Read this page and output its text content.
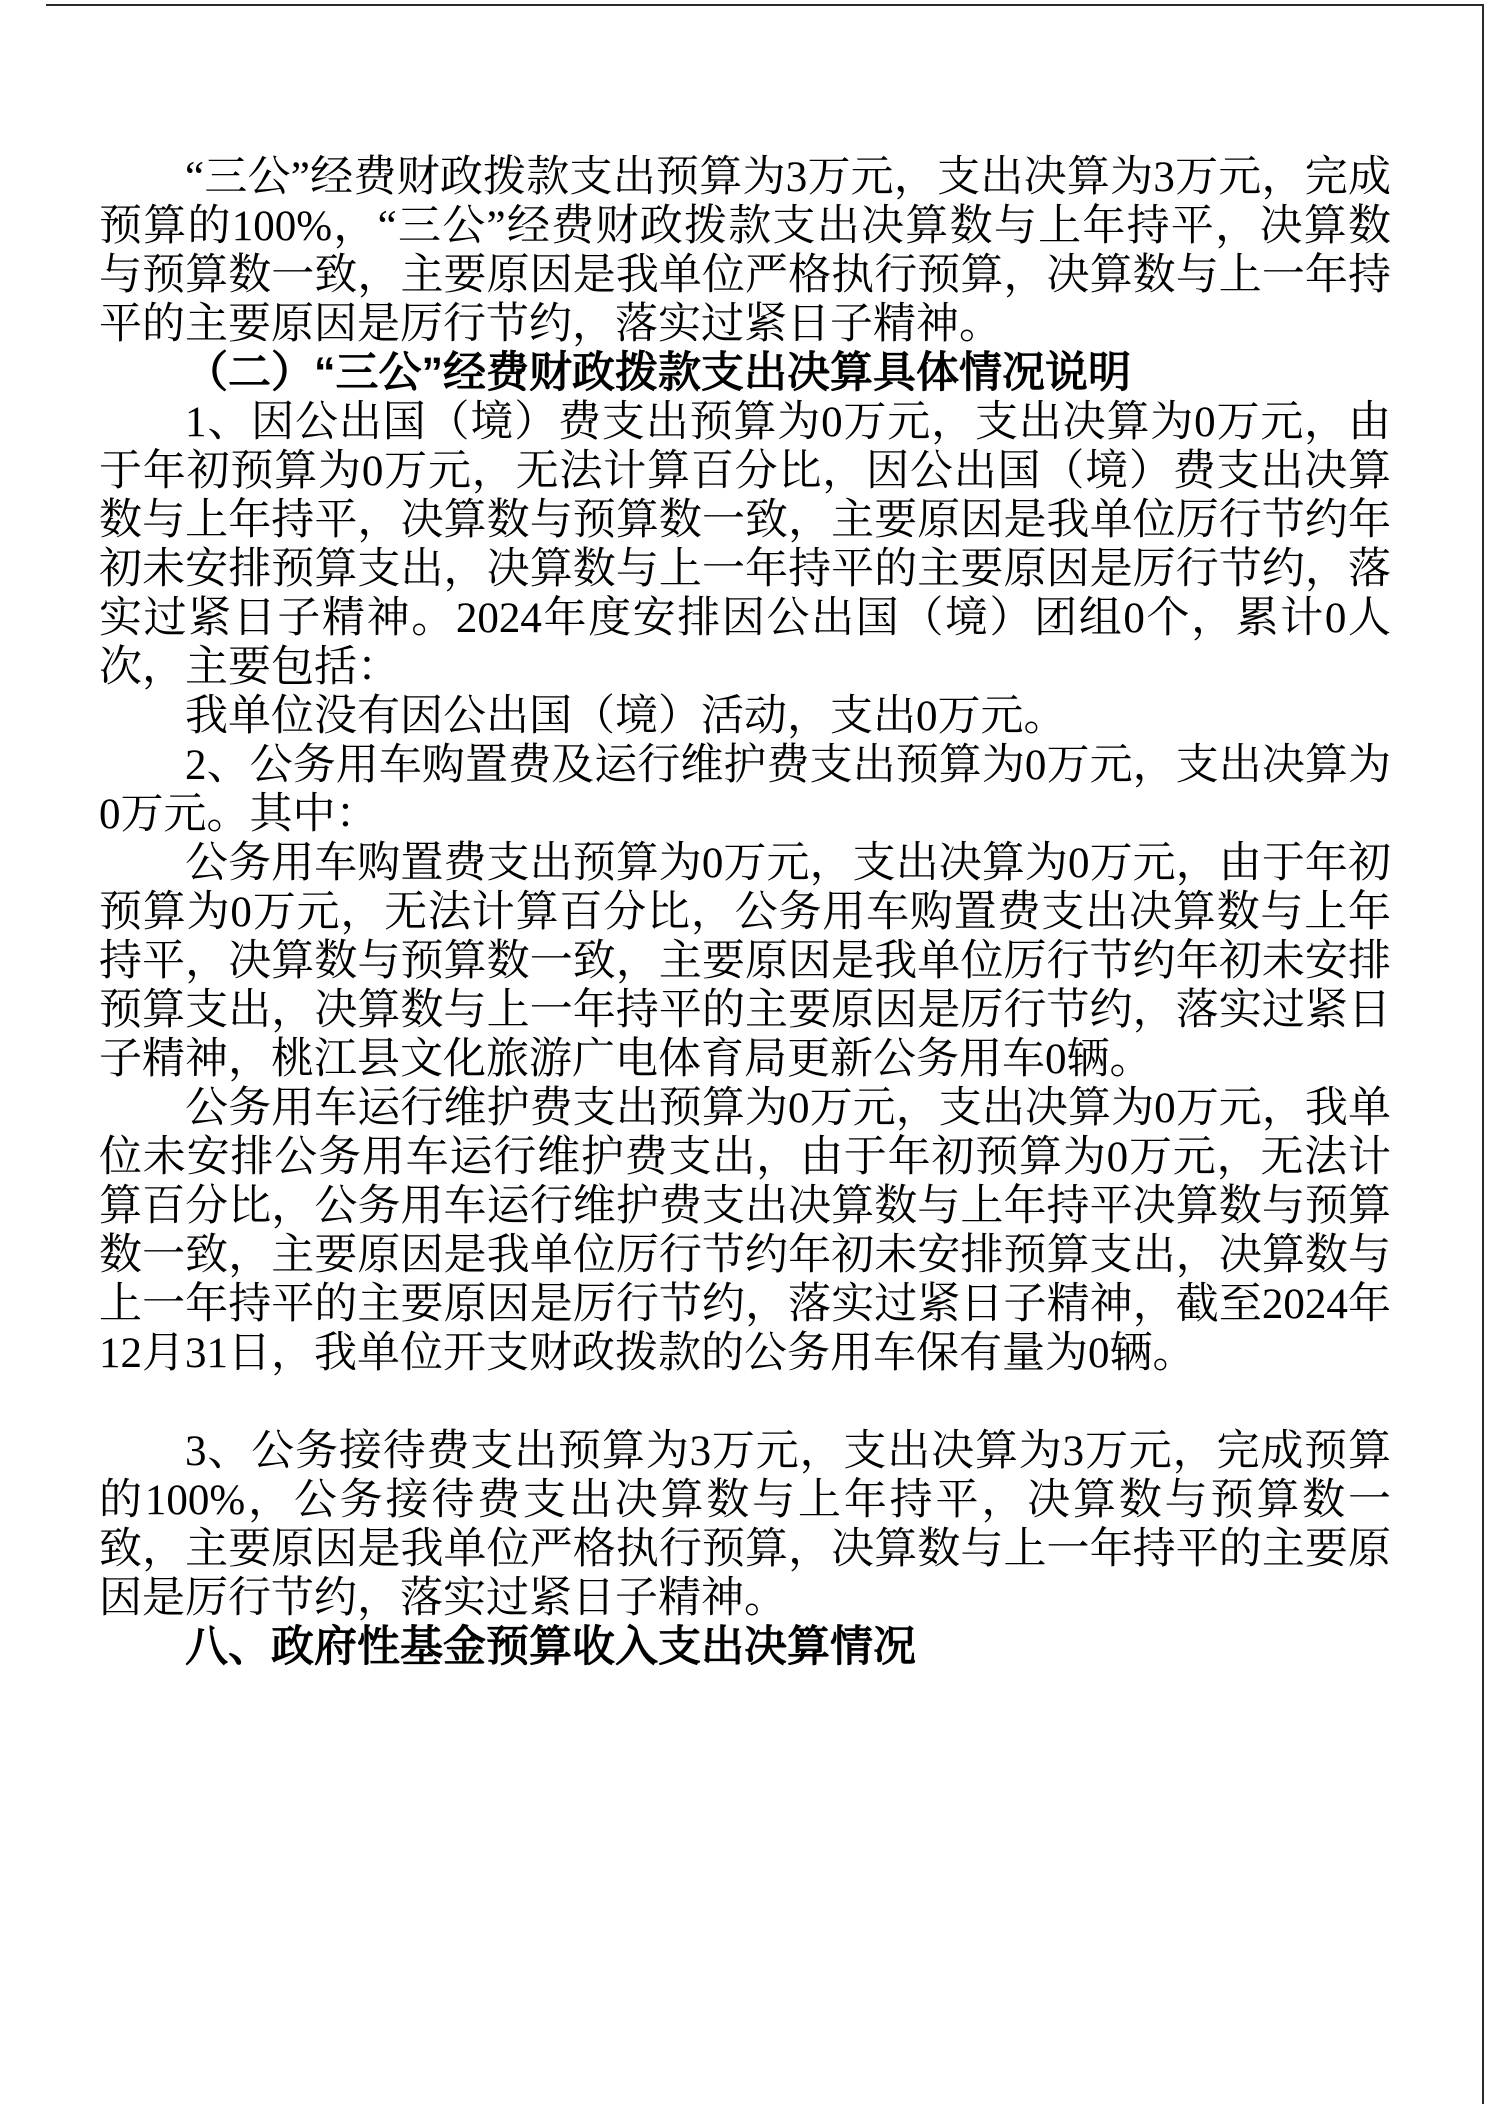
“三公”经费财政拨款支出预算为3万元，支出决算为3万元，完成预算的100%，“三公”经费财政拨款支出决算数与上年持平，决算数与预算数一致，主要原因是我单位严格执行预算，决算数与上一年持平的主要原因是厉行节约，落实过紧日子精神。

（二）“三公”经费财政拨款支出决算具体情况说明

1、因公出国（境）费支出预算为0万元，支出决算为0万元，由于年初预算为0万元，无法计算百分比，因公出国（境）费支出决算数与上年持平，决算数与预算数一致，主要原因是我单位厉行节约年初未安排预算支出，决算数与上一年持平的主要原因是厉行节约，落实过紧日子精神。2024年度安排因公出国（境）团组0个，累计0人次，主要包括：

我单位没有因公出国（境）活动，支出0万元。

2、公务用车购置费及运行维护费支出预算为0万元，支出决算为0万元。其中：

公务用车购置费支出预算为0万元，支出决算为0万元，由于年初预算为0万元，无法计算百分比，公务用车购置费支出决算数与上年持平，决算数与预算数一致，主要原因是我单位厉行节约年初未安排预算支出，决算数与上一年持平的主要原因是厉行节约，落实过紧日子精神，桃江县文化旅游广电体育局更新公务用车0辆。

公务用车运行维护费支出预算为0万元，支出决算为0万元，我单位未安排公务用车运行维护费支出，由于年初预算为0万元，无法计算百分比，公务用车运行维护费支出决算数与上年持平决算数与预算数一致，主要原因是我单位厉行节约年初未安排预算支出，决算数与上一年持平的主要原因是厉行节约，落实过紧日子精神，截至2024年12月31日，我单位开支财政拨款的公务用车保有量为0辆。

3、公务接待费支出预算为3万元，支出决算为3万元，完成预算的100%，公务接待费支出决算数与上年持平，决算数与预算数一致，主要原因是我单位严格执行预算，决算数与上一年持平的主要原因是厉行节约，落实过紧日子精神。

八、政府性基金预算收入支出决算情况
